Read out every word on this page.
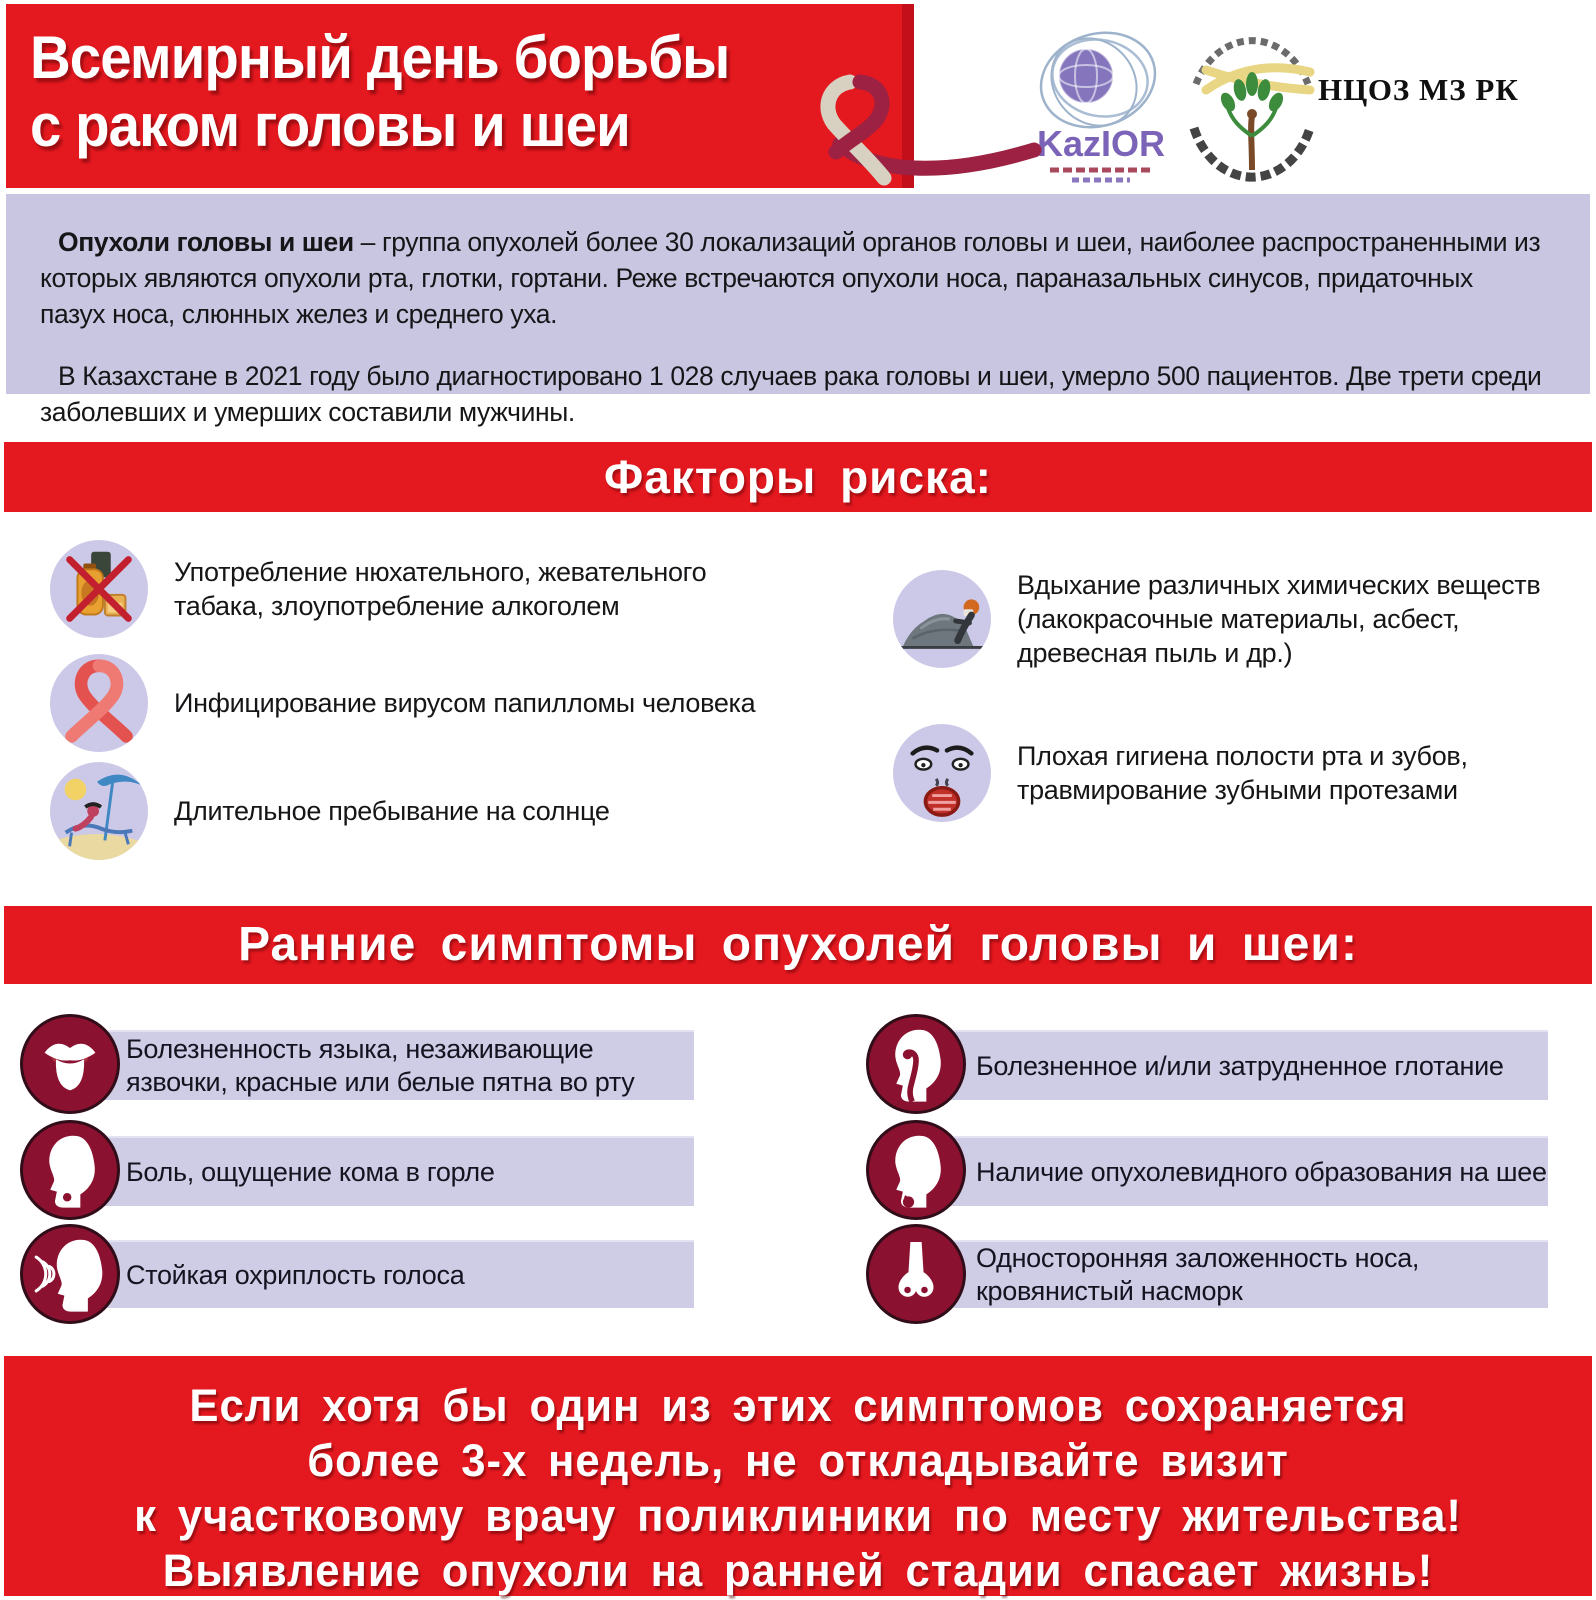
Всемирный день борьбы
с раком головы и шеи	KazIOR
НЦОЗ МЗ РК

Опухоли головы и шеи – группа опухолей более 30 локализаций органов головы и шеи, наиболее распространенными из которых являются опухоли рта, глотки, гортани. Реже встречаются опухоли носа, параназальных синусов, придаточных пазух носа, слюнных желез и среднего уха.

В Казахстане в 2021 году было диагностировано 1 028 случаев рака головы и шеи, умерло 500 пациентов. Две трети среди заболевших и умерших составили мужчины.

Факторы риска:
Употребление нюхательного, жевательного табака, злоупотребление алкоголем
Инфицирование вирусом папилломы человека
Длительное пребывание на солнце
Вдыхание различных химических веществ (лакокрасочные материалы, асбест, древесная пыль и др.)
Плохая гигиена полости рта и зубов, травмирование зубными протезами
Ранние симптомы опухолей головы и шеи:
Болезненность языка, незаживающие язвочки, красные или белые пятна во рту
Боль, ощущение кома в горле
Стойкая охриплость голоса
Болезненное и/или затрудненное глотание
Наличие опухолевидного образования на шее
Односторонняя заложенность носа, кровянистый насморк
Если хотя бы один из этих симптомов сохраняется
более 3-х недель, не откладывайте визит
к участковому врачу поликлиники по месту жительства!
Выявление опухоли на ранней стадии спасает жизнь!
